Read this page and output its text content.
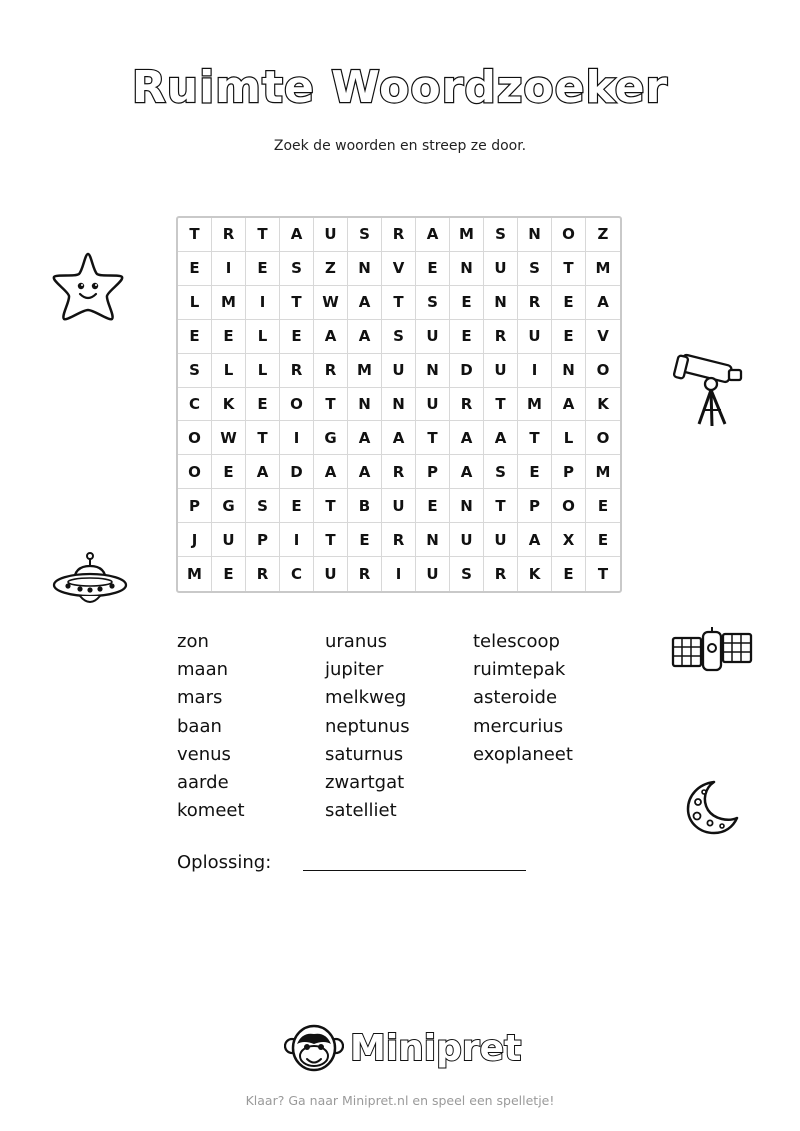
Ruimte Woordzoeker
Zoek de woorden en streep ze door.
T	R	T	A	U	S	R	A	M	S	N	O	Z
E	I	E	S	Z	N	V	E	N	U	S	T	M
L	M	I	T	W	A	T	S	E	N	R	E	A
E	E	L	E	A	A	S	U	E	R	U	E	V
S	L	L	R	R	M	U	N	D	U	I	N	O
C	K	E	O	T	N	N	U	R	T	M	A	K
O	W	T	I	G	A	A	T	A	A	T	L	O
O	E	A	D	A	A	R	P	A	S	E	P	M
P	G	S	E	T	B	U	E	N	T	P	O	E
J	U	P	I	T	E	R	N	U	U	A	X	E
M	E	R	C	U	R	I	U	S	R	K	E	T
zon
maan
mars
baan
venus
aarde
komeet
uranus
jupiter
melkweg
neptunus
saturnus
zwartgat
satelliet
telescoop
ruimtepak
asteroide
mercurius
exoplaneet
Oplossing:
Minipret
Klaar? Ga naar Minipret.nl en speel een spelletje!
